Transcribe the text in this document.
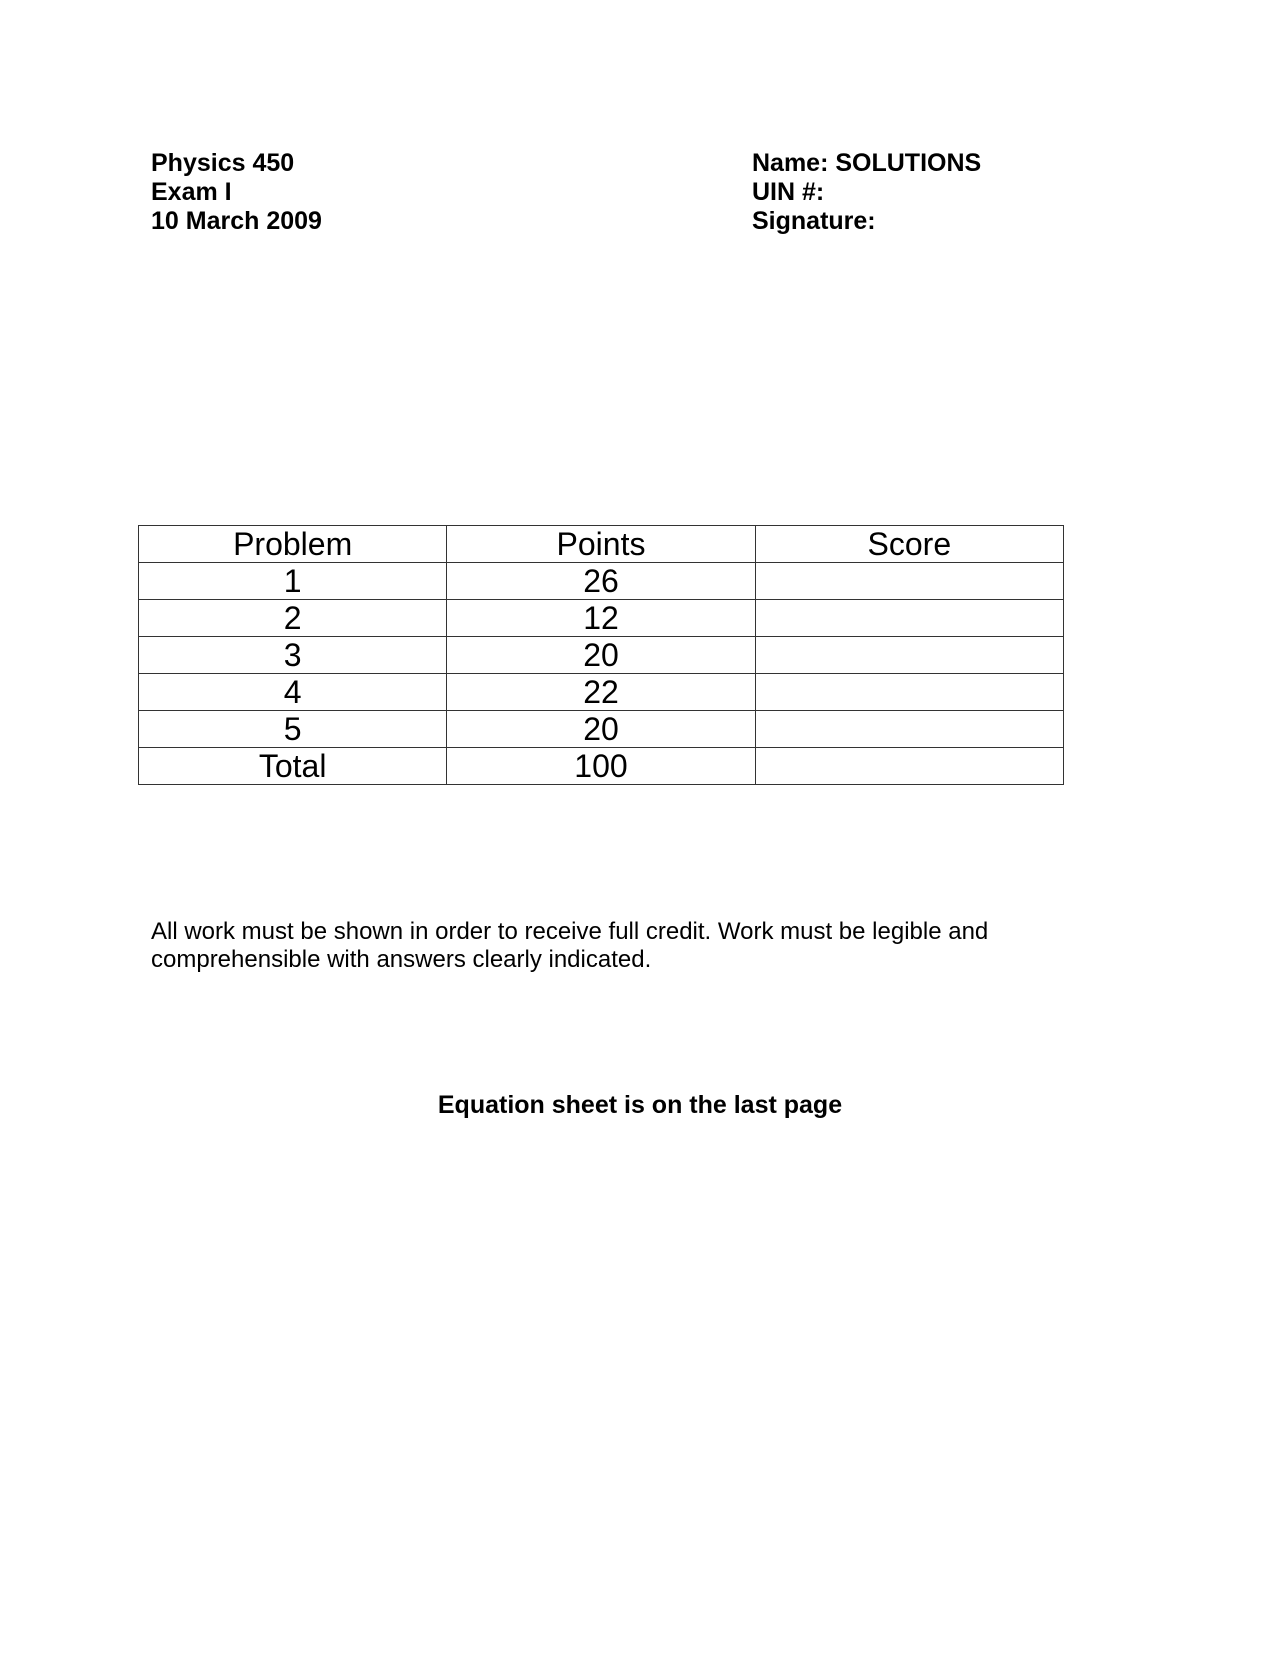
Physics 450
Exam I
10 March 2009
Name: SOLUTIONS
UIN #:
Signature:
Problem	Points	Score
1	26	
2	12	
3	20	
4	22	
5	20	
Total	100	
All work must be shown in order to receive full credit. Work must be legible and comprehensible with answers clearly indicated.
Equation sheet is on the last page
